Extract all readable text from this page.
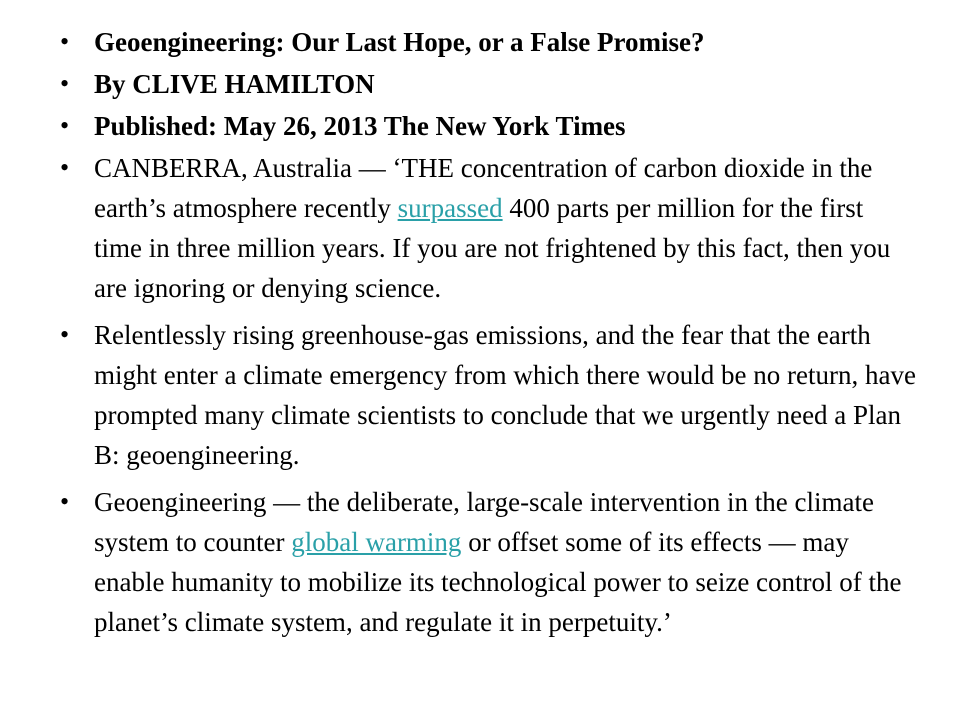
• Geoengineering: Our Last Hope, or a False Promise?
• By CLIVE HAMILTON
• Published: May 26, 2013 The New York Times
• CANBERRA, Australia — ‘THE concentration of carbon dioxide in the earth’s atmosphere recently surpassed 400 parts per million for the first time in three million years. If you are not frightened by this fact, then you are ignoring or denying science.
• Relentlessly rising greenhouse-gas emissions, and the fear that the earth might enter a climate emergency from which there would be no return, have prompted many climate scientists to conclude that we urgently need a Plan B: geoengineering.
• Geoengineering — the deliberate, large-scale intervention in the climate system to counter global warming or offset some of its effects — may enable humanity to mobilize its technological power to seize control of the planet’s climate system, and regulate it in perpetuity.’
